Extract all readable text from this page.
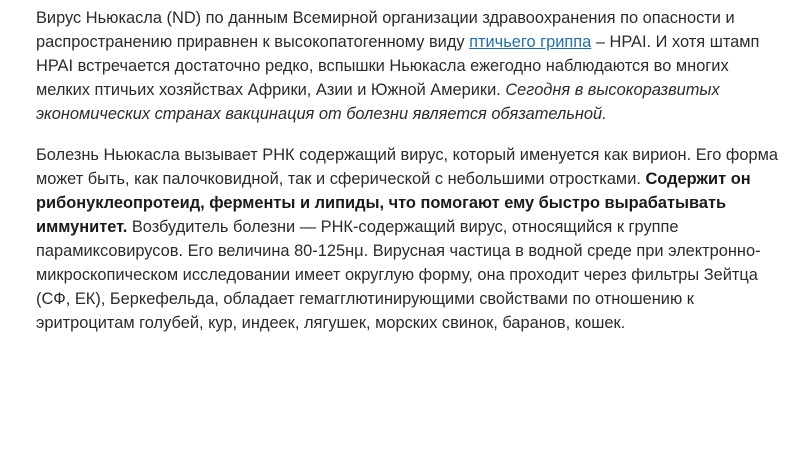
Вирус Ньюкасла (ND) по данным Всемирной организации здравоохранения по опасности и распространению приравнен к высокопатогенному виду птичьего гриппа – HPAI. И хотя штамп HPAI встречается достаточно редко, вспышки Ньюкасла ежегодно наблюдаются во многих мелких птичьих хозяйствах Африки, Азии и Южной Америки. Сегодня в высокоразвитых экономических странах вакцинация от болезни является обязательной.

Болезнь Ньюкасла вызывает РНК содержащий вирус, который именуется как вирион. Его форма может быть, как палочковидной, так и сферической с небольшими отростками. Содержит он рибонуклеопротеид, ферменты и липиды, что помогают ему быстро вырабатывать иммунитет. Возбудитель болезни — РНК-содержащий вирус, относящийся к группе парамиксовирусов. Его величина 80-125нμ. Вирусная частица в водной среде при электронно-микроскопическом исследовании имеет округлую форму, она проходит через фильтры Зейтца (СФ, ЕК), Беркефельда, обладает гемагглютинирующими свойствами по отношению к эритроцитам голубей, кур, индеек, лягушек, морских свинок, баранов, кошек.
